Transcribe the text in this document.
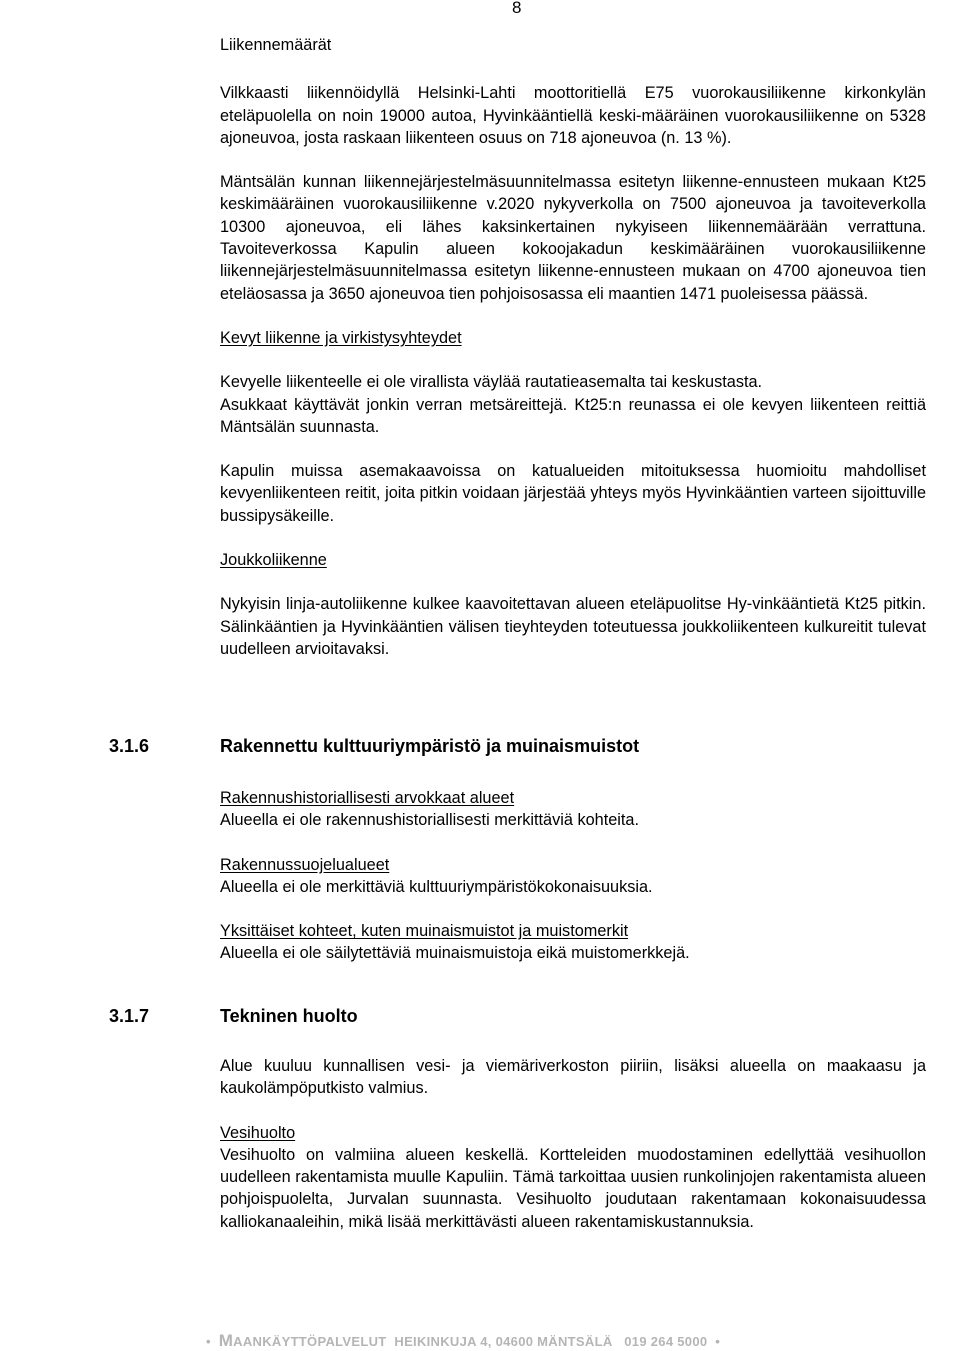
8

Liikennemäärät

Vilkkaasti liikennöidyllä Helsinki-Lahti moottoritiellä E75 vuorokausiliikenne kirkonkylän eteläpuolella on noin 19000 autoa, Hyvinkääntiellä keski-määräinen vuorokausiliikenne on 5328 ajoneuvoa, josta raskaan liikenteen osuus on 718 ajoneuvoa (n. 13 %).

Mäntsälän kunnan liikennejärjestelmäsuunnitelmassa esitetyn liikenne-ennusteen mukaan Kt25 keskimääräinen vuorokausiliikenne v.2020 nykyverkolla on 7500 ajoneuvoa ja tavoiteverkolla 10300 ajoneuvoa, eli lähes kaksinkertainen nykyiseen liikennemäärään verrattuna. Tavoiteverkossa Kapulin alueen kokoojakadun keskimääräinen vuorokausiliikenne liikennejärjestelmäsuunnitelmassa esitetyn liikenne-ennusteen mukaan on 4700 ajoneuvoa tien eteläosassa ja 3650 ajoneuvoa tien pohjoisosassa eli maantien 1471 puoleisessa päässä.

Kevyt liikenne ja virkistysyhteydet

Kevyelle liikenteelle ei ole virallista väylää rautatieasemalta tai keskustasta.

Asukkaat käyttävät jonkin verran metsäreittejä. Kt25:n reunassa ei ole kevyen liikenteen reittiä Mäntsälän suunnasta.

Kapulin muissa asemakaavoissa on katualueiden mitoituksessa huomioitu mahdolliset kevyenliikenteen reitit, joita pitkin voidaan järjestää yhteys myös Hyvinkääntien varteen sijoittuville bussipysäkeille.

Joukkoliikenne

Nykyisin linja-autoliikenne kulkee kaavoitettavan alueen eteläpuolitse Hy-vinkääntietä Kt25 pitkin. Sälinkääntien ja Hyvinkääntien välisen tieyhteyden toteutuessa joukkoliikenteen kulkureitit tulevat uudelleen arvioitavaksi.

3.1.6	Rakennettu kulttuuriympäristö ja muinaismuistot

Rakennushistoriallisesti arvokkaat alueet

Alueella ei ole rakennushistoriallisesti merkittäviä kohteita.

Rakennussuojelualueet

Alueella ei ole merkittäviä kulttuuriympäristökokonaisuuksia.

Yksittäiset kohteet, kuten muinaismuistot ja muistomerkit

Alueella ei ole säilytettäviä muinaismuistoja eikä muistomerkkejä.

3.1.7	Tekninen huolto

Alue kuuluu kunnallisen vesi- ja viemäriverkoston piiriin, lisäksi alueella on maakaasu ja kaukolämpöputkisto valmius.

Vesihuolto

Vesihuolto on valmiina alueen keskellä. Kortteleiden muodostaminen edellyttää vesihuollon uudelleen rakentamista muulle Kapuliin. Tämä tarkoittaa uusien runkolinjojen rakentamista alueen pohjoispuolelta, Jurvalan suunnasta. Vesihuolto joudutaan rakentamaan kokonaisuudessa kalliokanaaleihin, mikä lisää merkittävästi alueen rakentamiskustannuksia.

• MAANKÄYTTÖPALVELUT HEIKINKUJA 4, 04600 MÄNTSÄLÄ 019 264 5000 •
